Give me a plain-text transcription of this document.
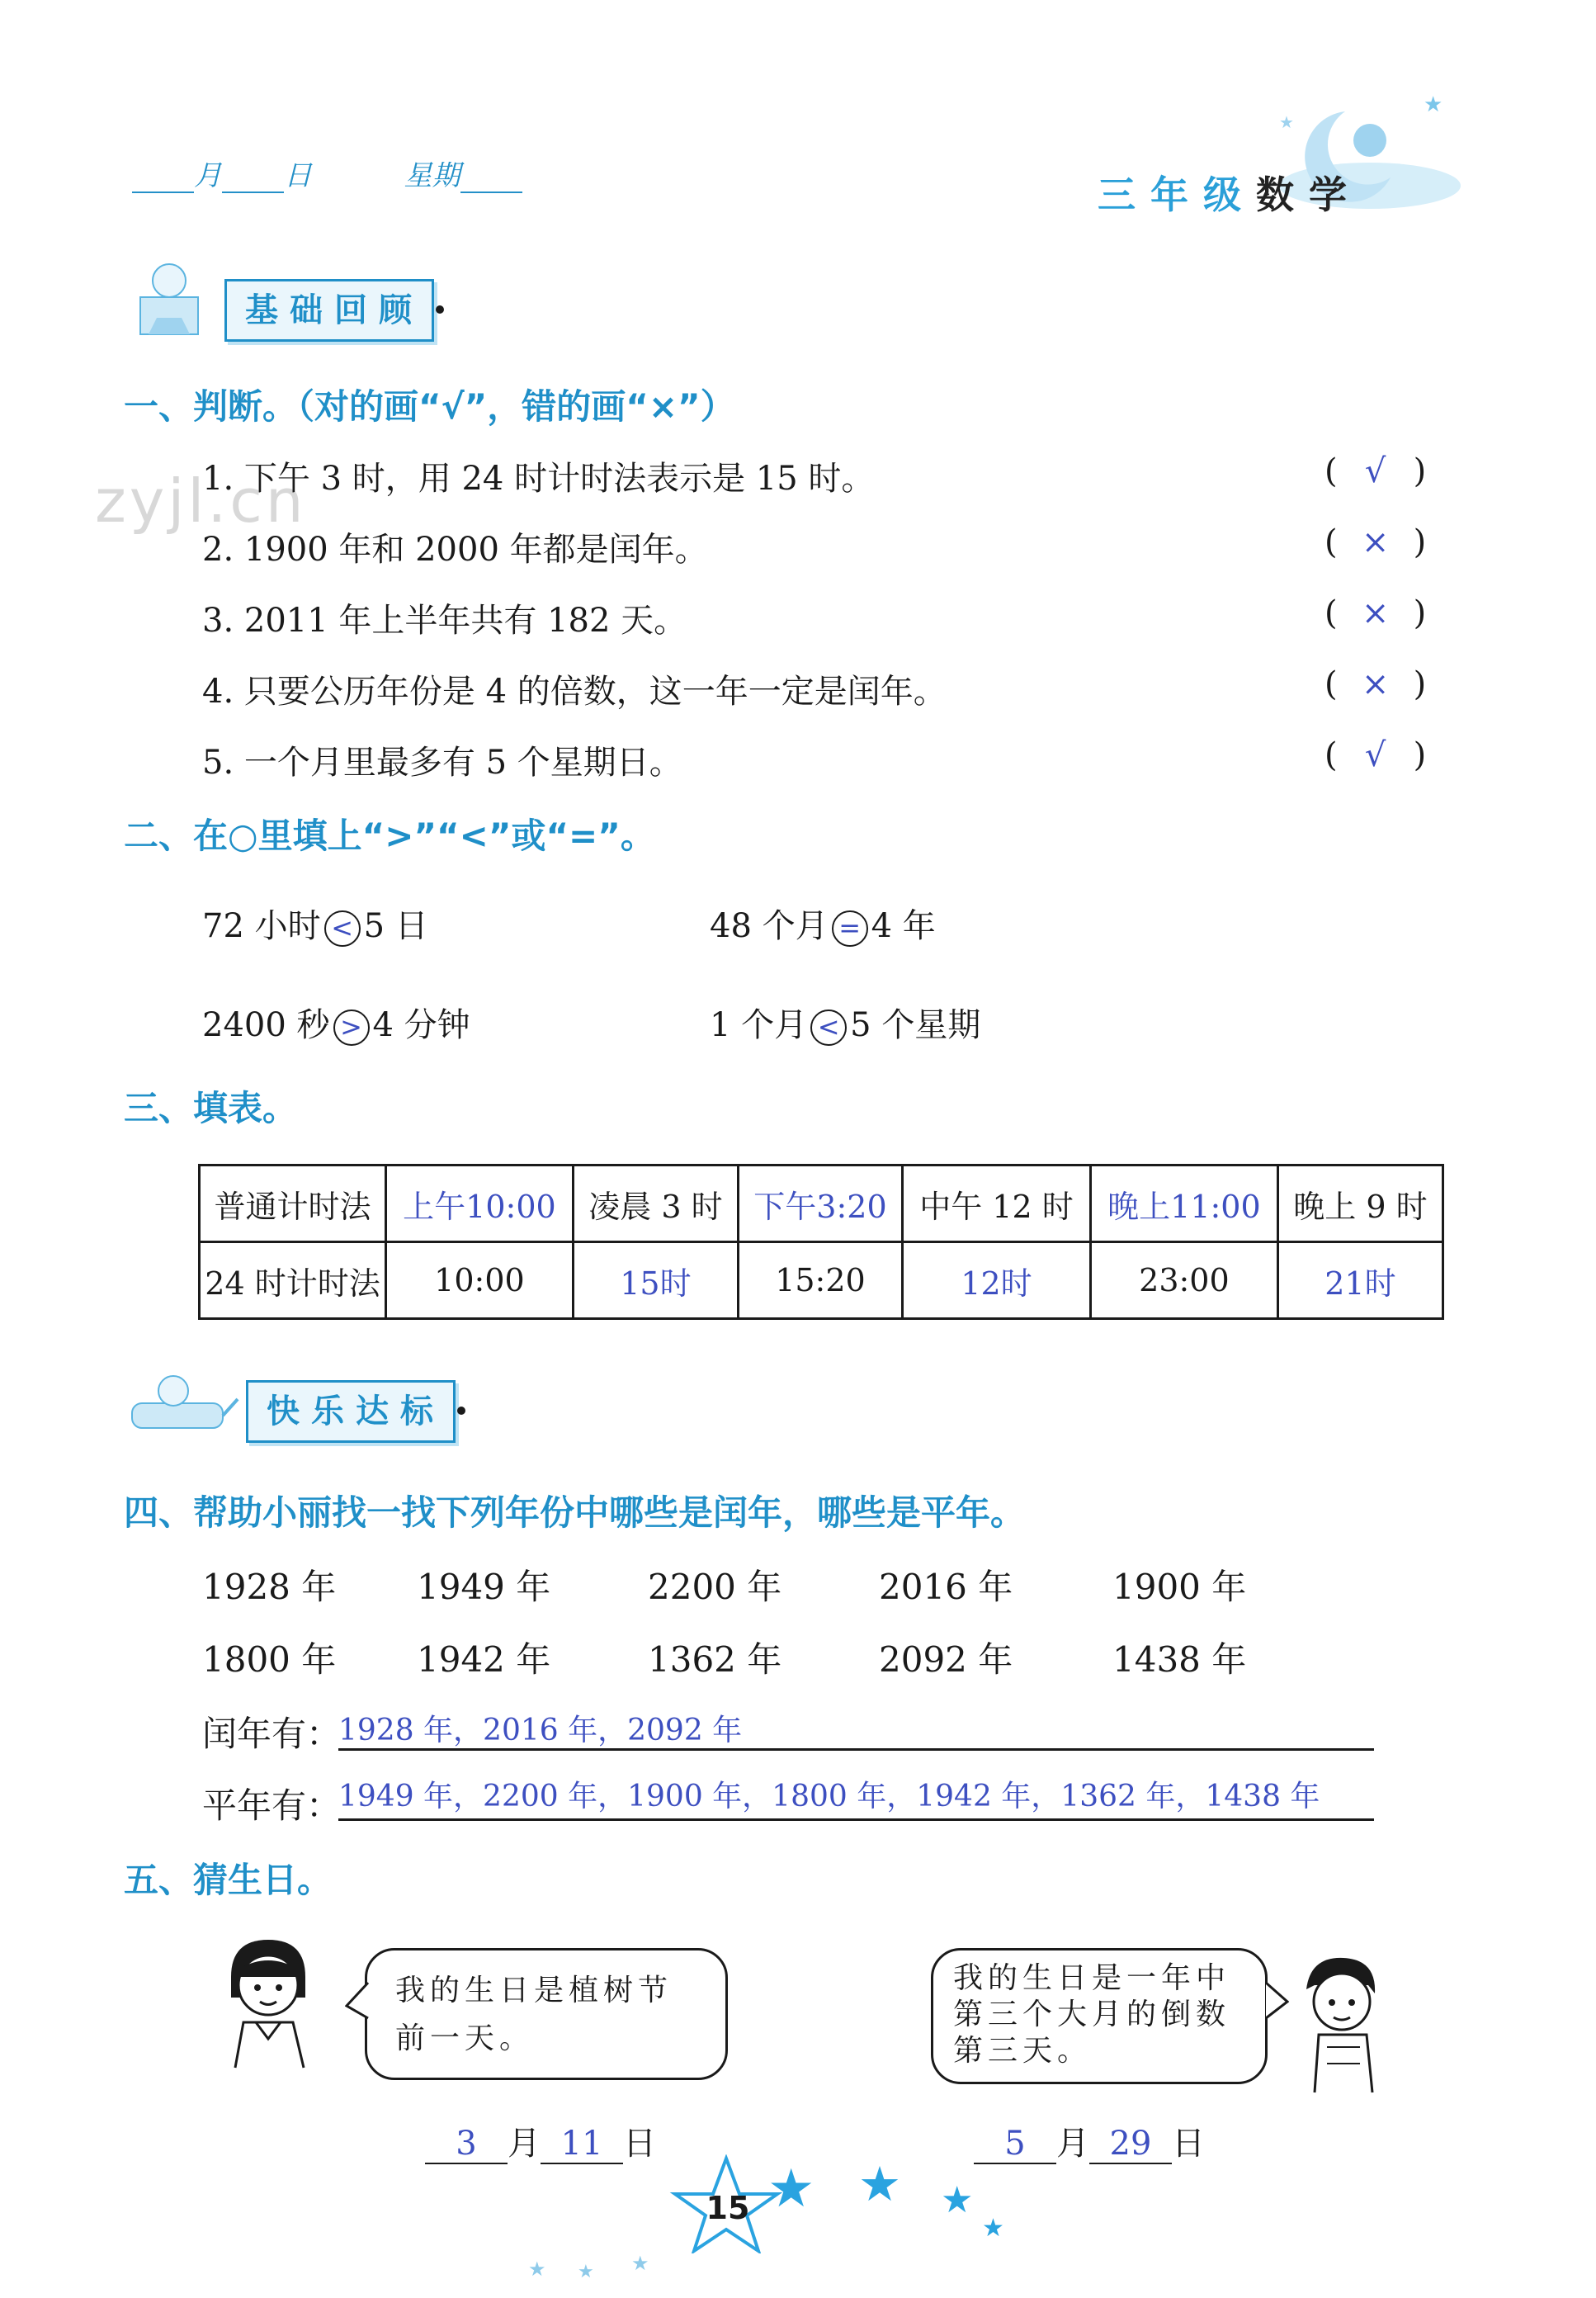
zyjl.cn
月 日	星期
★
★
三年级数学
基础回顾
一、判断。（对的画“√”，错的画“×”）
1. 下午 3 时，用 24 时计时法表示是 15 时。	( √ )
2. 1900 年和 2000 年都是闰年。	( × )
3. 2011 年上半年共有 182 天。	( × )
4. 只要公历年份是 4 的倍数，这一年一定是闰年。	( × )
5. 一个月里最多有 5 个星期日。	( √ )
二、在○里填上“>”“<”或“=”。
72 小时 < 5 日	48 个月 = 4 年
2400 秒 > 4 分钟	1 个月 < 5 个星期
三、填表。
普通计时法	上午10:00	凌晨 3 时	下午3:20	中午 12 时	晚上11:00	晚上 9 时
24 时计时法	10:00	15时	15:20	12时	23:00	21时
快乐达标
四、帮助小丽找一找下列年份中哪些是闰年，哪些是平年。
1928 年 1949 年	2200 年	2016 年	1900 年
1800 年 1942 年	1362 年	2092 年	1438 年
闰年有：
1928 年，2016 年，2092 年
平年有：
1949 年，2200 年，1900 年，1800 年，1942 年，1362 年，1438 年
五、猜生日。
我的生日是植树节
前一天。
我的生日是一年中
第三个大月的倒数
第三天。
3 月 11 日	5 月 29 日
15 ★ ★ ★
★
★ ★ ★
